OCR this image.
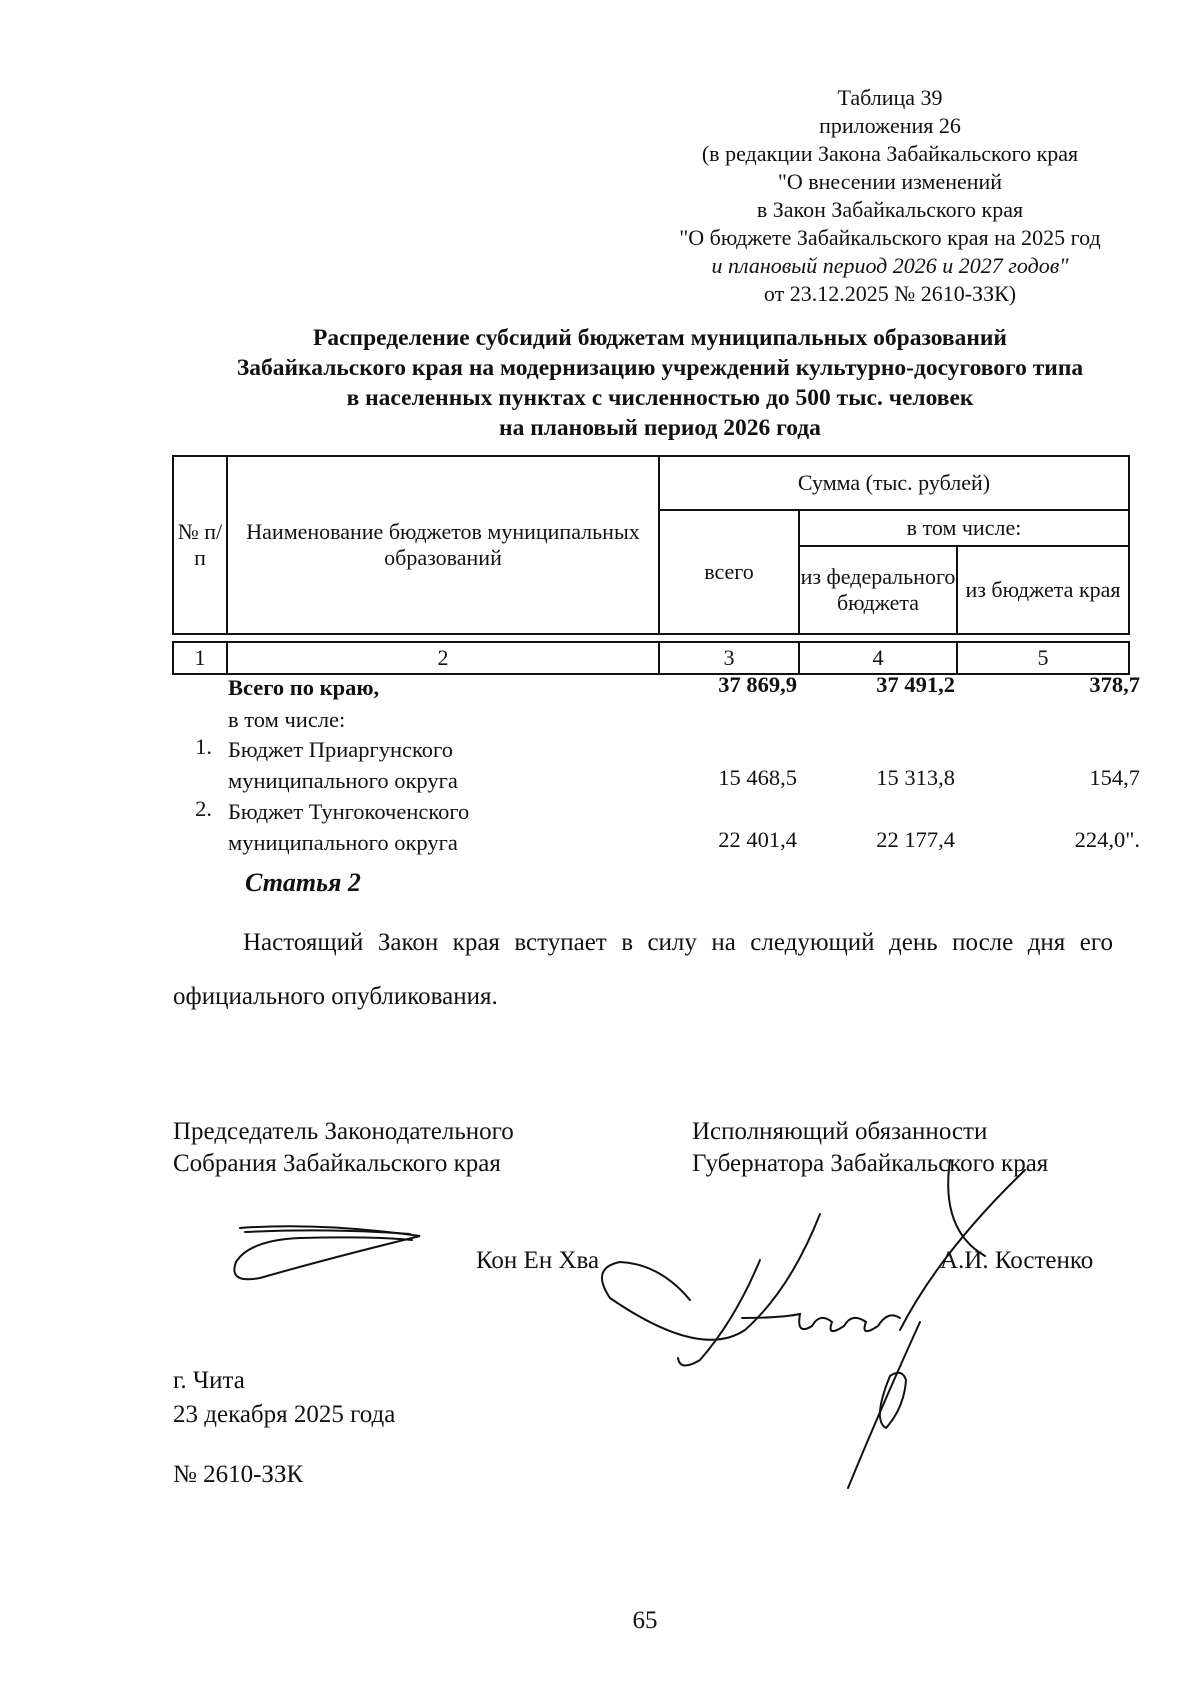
Таблица 39
приложения 26
(в редакции Закона Забайкальского края
"О внесении изменений
в Закон Забайкальского края
"О бюджете Забайкальского края на 2025 год
и плановый период 2026 и 2027 годов"
от 23.12.2025 № 2610-ЗЗК)
Распределение субсидий бюджетам муниципальных образований
Забайкальского края на модернизацию учреждений культурно-досугового типа
в населенных пунктах с численностью до 500 тыс. человек
на плановый период 2026 года
№ п/п	Наименование бюджетов муниципальных образований	Сумма (тыс. рублей)		
		всего	в том числе:	
			из федерального бюджета	из бюджета края

1	2	3	4	5
Всего по краю,	37 869,9	37 491,2	378,7
в том числе:
1. Бюджет Приаргунского
муниципального округа	15 468,5	15 313,8	154,7
2. Бюджет Тунгокоченского
муниципального округа	22 401,4	22 177,4	224,0".
Статья 2
Настоящий Закон края вступает в силу на следующий день после дня его официального опубликования.
Председатель Законодательного
Собрания Забайкальского края
Исполняющий обязанности
Губернатора Забайкальского края
Кон Ен Хва	А.И. Костенко
г. Чита
23 декабря 2025 года
№ 2610-ЗЗК
65
